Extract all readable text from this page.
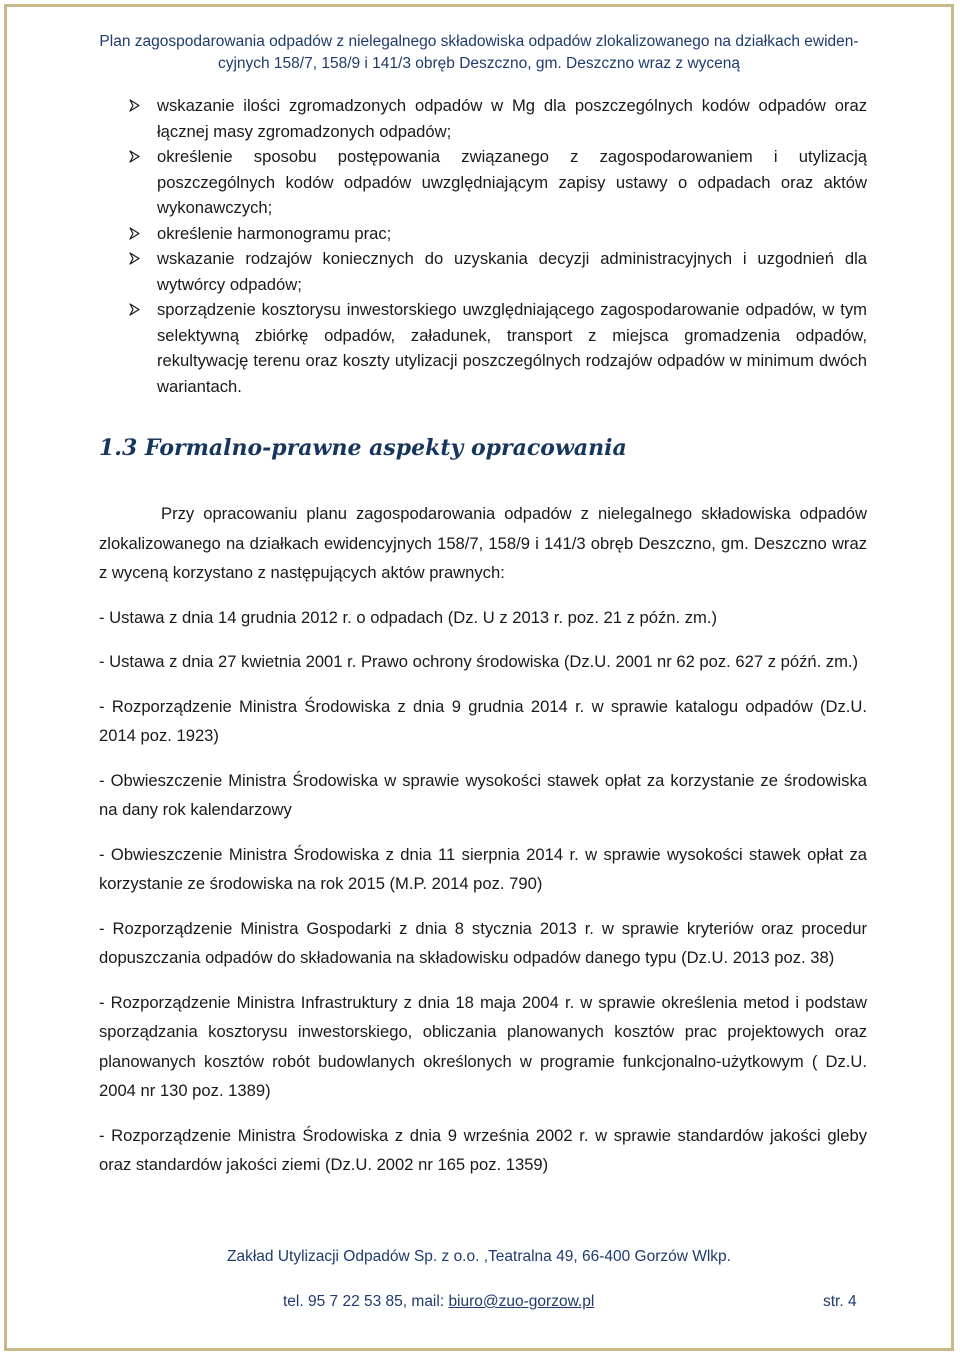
Plan zagospodarowania odpadów z nielegalnego składowiska odpadów zlokalizowanego na działkach ewiden-
cyjnych 158/7, 158/9 i 141/3 obręb Deszczno, gm. Deszczno wraz z wyceną
wskazanie ilości zgromadzonych odpadów w Mg dla poszczególnych kodów odpadów oraz łącznej masy zgromadzonych odpadów;
określenie sposobu postępowania związanego z zagospodarowaniem i utylizacją poszczególnych kodów odpadów uwzględniającym zapisy ustawy o odpadach oraz aktów wykonawczych;
określenie harmonogramu prac;
wskazanie rodzajów koniecznych do uzyskania decyzji administracyjnych i uzgodnień dla wytwórcy odpadów;
sporządzenie kosztorysu inwestorskiego uwzględniającego zagospodarowanie odpadów, w tym selektywną zbiórkę odpadów, załadunek, transport z miejsca gromadzenia odpadów, rekultywację terenu oraz koszty utylizacji poszczególnych rodzajów odpadów w minimum dwóch wariantach.
1.3 Formalno-prawne aspekty opracowania

Przy opracowaniu planu zagospodarowania odpadów z nielegalnego składowiska odpadów zlokalizowanego na działkach ewidencyjnych 158/7, 158/9 i 141/3 obręb Deszczno, gm. Deszczno wraz z wyceną korzystano z następujących aktów prawnych:

- Ustawa z dnia 14 grudnia 2012 r. o odpadach (Dz. U z 2013 r. poz. 21 z późn. zm.)

- Ustawa z dnia 27 kwietnia 2001 r. Prawo ochrony środowiska (Dz.U. 2001 nr 62 poz. 627 z późń. zm.)

- Rozporządzenie Ministra Środowiska z dnia 9 grudnia 2014 r. w sprawie katalogu odpadów (Dz.U. 2014 poz. 1923)

- Obwieszczenie Ministra Środowiska w sprawie wysokości stawek opłat za korzystanie ze środowiska na dany rok kalendarzowy

- Obwieszczenie Ministra Środowiska z dnia 11 sierpnia 2014 r. w sprawie wysokości stawek opłat za korzystanie ze środowiska na rok 2015 (M.P. 2014 poz. 790)

- Rozporządzenie Ministra Gospodarki z dnia 8 stycznia 2013 r. w sprawie kryteriów oraz procedur dopuszczania odpadów do składowania na składowisku odpadów danego typu (Dz.U. 2013 poz. 38)

- Rozporządzenie Ministra Infrastruktury z dnia 18 maja 2004 r. w sprawie określenia metod i podstaw sporządzania kosztorysu inwestorskiego, obliczania planowanych kosztów prac projektowych oraz planowanych kosztów robót budowlanych określonych w programie funkcjonalno-użytkowym ( Dz.U. 2004 nr 130 poz. 1389)

- Rozporządzenie Ministra Środowiska z dnia 9 września 2002 r. w sprawie standardów jakości gleby oraz standardów jakości ziemi (Dz.U. 2002 nr 165 poz. 1359)

Zakład Utylizacji Odpadów Sp. z o.o. ,Teatralna 49, 66-400 Gorzów Wlkp.
tel. 95 7 22 53 85, mail: biuro@zuo-gorzow.pl	str. 4
